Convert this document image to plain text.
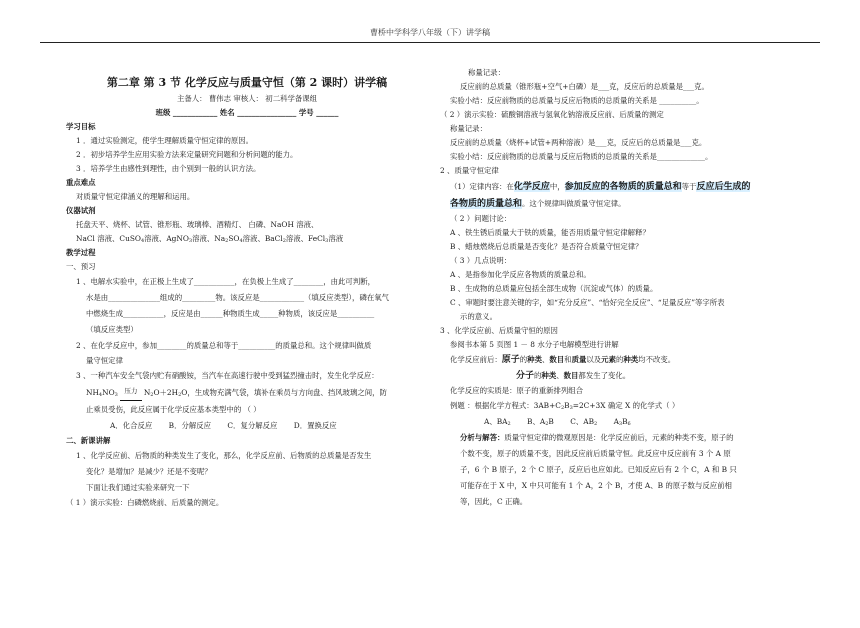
曹桥中学科学八年级（下）讲学稿
第二章 第 3 节 化学反应与质量守恒（第 2 课时）讲学稿
主备人： 曹伟志 审核人： 初二科学备课组
班级 ____________ 姓名 ________________ 学号 ______
学习目标
1 ．通过实验测定，使学生理解质量守恒定律的原因。
2 ．初步培养学生应用实验方法来定量研究问题和分析问题的能力。
3 ．培养学生由感性到理性，由个别到一般的认识方法。
重点难点
对质量守恒定律涵义的理解和运用。
仪器试剂
托盘天平、烧杯、试管、锥形瓶、玻璃棒、酒精灯、 白磷、NaOH 溶液、
NaCl 溶液、CuSO$_4$溶液、AgNO$_3$溶液、$Na_2SO_4$溶液、BaCl$_2$溶液、FeCl$_3$溶液
教学过程
一、预习
1 、电解水实验中，在正极上生成了___________，在负极上生成了________，由此可判断，
水是由______________组成的_________物。该反应是____________（填反应类型），磷在氧气
中燃烧生成___________，反应是由______种物质生成_____种物质，该反应是__________
（填反应类型）
2 、在化学反应中，参加________的质量总和等于__________的质量总和。这个规律叫做质
量守恒定律
3 、一种汽车安全气袋内贮有硝酸铵，当汽车在高速行驶中受到猛烈撞击时，发生化学反应：
$NH_4NO_3$	压力 $N_2O+2H_2O$，生成物充满气袋，填补在乘员与方向盘、挡风玻璃之间，防
止乘员受伤，此反应属于化学反应基本类型中的 （ ）
A．化合反应 B．分解反应 C．复分解反应 D．置换反应
二、新课讲解
1 、化学反应前、后物质的种类发生了变化，那么，化学反应前、后物质的总质量是否发生
变化？是增加？是减少？还是不变呢？
下面让我们通过实验来研究一下
（ 1 ）演示实验：白磷燃烧前、后质量的测定。
称量记录：
反应前的总质量（锥形瓶+空气+白磷）是___克，反应后的总质量是___克。
实验小结：反应前物质的总质量与反应后物质的总质量的关系是 __________。
（ 2 ）演示实验：硫酸铜溶液与氢氧化钠溶液反应前、后质量的测定
称量记录：
反应前的总质量（烧杯+试管+两种溶液）是___克，反应后的总质量是___克。
实验小结：反应前物质的总质量与反应后物质的总质量的关系是_____________。
2 、质量守恒定律
（1）定律内容：在化学反应中，参加反应的各物质的质量总和等于反应后生成的
各物质的质量总和。这个规律叫做质量守恒定律。
（ 2 ）问题讨论：
A 、铁生锈后质量大于铁的质量，能否用质量守恒定律解释？
B 、蜡烛燃烧后总质量是否变化？是否符合质量守恒定律？
（ 3 ）几点说明：
A 、是指参加化学反应各物质的质量总和。
B 、生成物的总质量应包括全部生成物（沉淀或气体）的质量。
C 、审题时要注意关键的字，如“充分反应”、“恰好完全反应”、“足量反应”等字所表
示的意义。
3 、化学反应前、后质量守恒的原因
参阅书本第 5 页图 1 － 8 水分子电解模型进行讲解
化学反应前后：原子的种类、数目和质量以及元素的种类均不改变。
分子的种类、数目都发生了变化。
化学反应的实质是：原子的重新排列组合
例题 ：根据化学方程式：$3AB+C_2B_3=2C+3X$ 确定 X 的化学式（ ）
A、$BA_2$ B、$A_2B$ C、$AB_2$ $A_3B_6$
分析与解答：质量守恒定律的微观原因是：化学反应前后，元素的种类不变，原子的
个数不变，原子的质量不变，因此反应前后质量守恒。此反应中反应前有 3 个 A 原
子，6 个 B 原子，2 个 C 原子，反应后也应如此。已知反应后有 2 个 C，A 和 B 只
可能存在于 X 中，X 中只可能有 1 个 A，2 个 B，才使 A、B 的原子数与反应前相
等，因此，C 正确。
